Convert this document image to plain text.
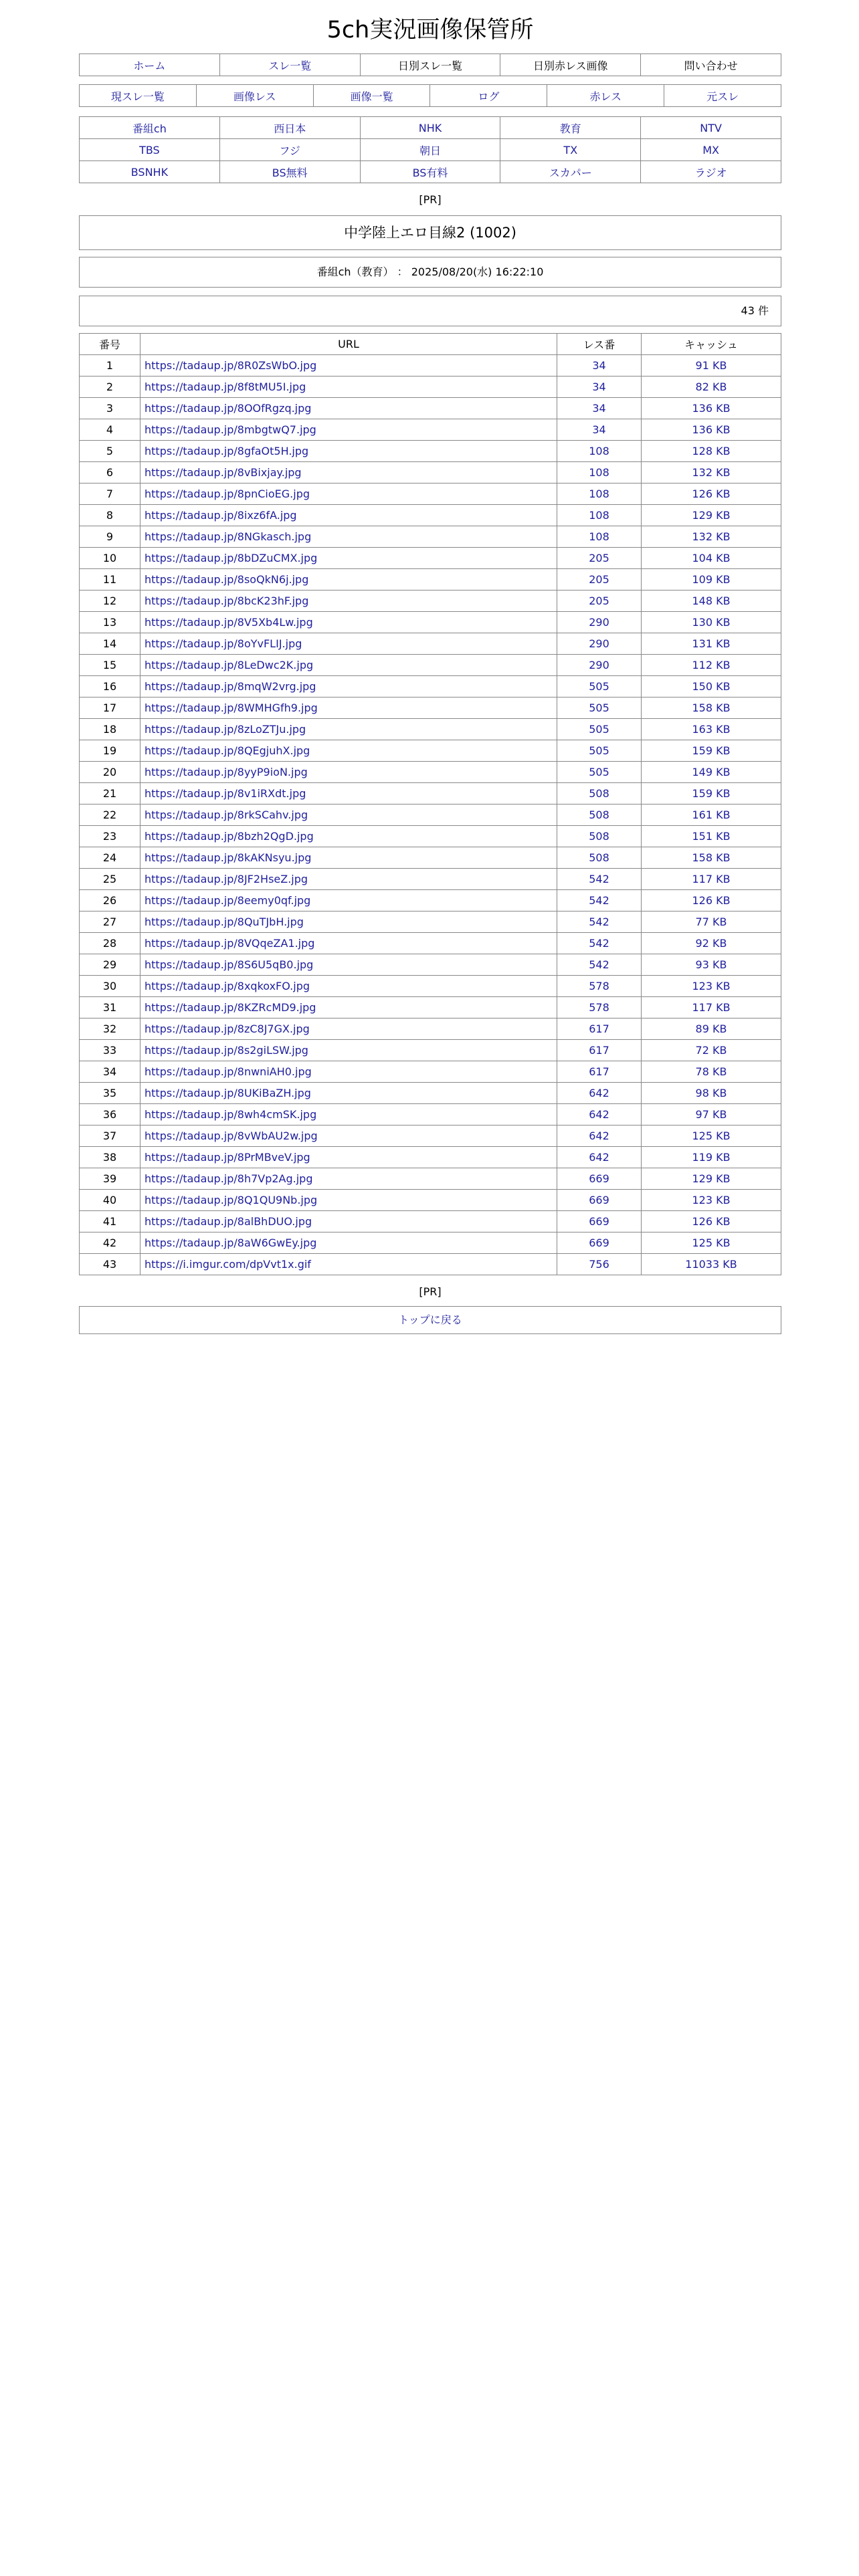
5ch実況画像保管所
ホーム	スレ一覧	日別スレ一覧	日別赤レス画像	問い合わせ
現スレ一覧	画像レス	画像一覧	ログ	赤レス	元スレ
番組ch	西日本	NHK	教育	NTV
TBS	フジ	朝日	TX	MX
BSNHK	BS無料	BS有料	スカパー	ラジオ
[PR]
中学陸上エロ目線2 (1002)
番組ch（教育） ： 2025/08/20(水) 16:22:10
43 件
番号	URL	レス番	キャッシュ
1	https://tadaup.jp/8R0ZsWbO.jpg	34	91 KB
2	https://tadaup.jp/8f8tMU5I.jpg	34	82 KB
3	https://tadaup.jp/8OOfRgzq.jpg	34	136 KB
4	https://tadaup.jp/8mbgtwQ7.jpg	34	136 KB
5	https://tadaup.jp/8gfaOt5H.jpg	108	128 KB
6	https://tadaup.jp/8vBixjay.jpg	108	132 KB
7	https://tadaup.jp/8pnCioEG.jpg	108	126 KB
8	https://tadaup.jp/8ixz6fA.jpg	108	129 KB
9	https://tadaup.jp/8NGkasch.jpg	108	132 KB
10	https://tadaup.jp/8bDZuCMX.jpg	205	104 KB
11	https://tadaup.jp/8soQkN6j.jpg	205	109 KB
12	https://tadaup.jp/8bcK23hF.jpg	205	148 KB
13	https://tadaup.jp/8V5Xb4Lw.jpg	290	130 KB
14	https://tadaup.jp/8oYvFLIJ.jpg	290	131 KB
15	https://tadaup.jp/8LeDwc2K.jpg	290	112 KB
16	https://tadaup.jp/8mqW2vrg.jpg	505	150 KB
17	https://tadaup.jp/8WMHGfh9.jpg	505	158 KB
18	https://tadaup.jp/8zLoZTJu.jpg	505	163 KB
19	https://tadaup.jp/8QEgjuhX.jpg	505	159 KB
20	https://tadaup.jp/8yyP9ioN.jpg	505	149 KB
21	https://tadaup.jp/8v1iRXdt.jpg	508	159 KB
22	https://tadaup.jp/8rkSCahv.jpg	508	161 KB
23	https://tadaup.jp/8bzh2QgD.jpg	508	151 KB
24	https://tadaup.jp/8kAKNsyu.jpg	508	158 KB
25	https://tadaup.jp/8JF2HseZ.jpg	542	117 KB
26	https://tadaup.jp/8eemy0qf.jpg	542	126 KB
27	https://tadaup.jp/8QuTJbH.jpg	542	77 KB
28	https://tadaup.jp/8VQqeZA1.jpg	542	92 KB
29	https://tadaup.jp/8S6U5qB0.jpg	542	93 KB
30	https://tadaup.jp/8xqkoxFO.jpg	578	123 KB
31	https://tadaup.jp/8KZRcMD9.jpg	578	117 KB
32	https://tadaup.jp/8zC8J7GX.jpg	617	89 KB
33	https://tadaup.jp/8s2giLSW.jpg	617	72 KB
34	https://tadaup.jp/8nwniAH0.jpg	617	78 KB
35	https://tadaup.jp/8UKiBaZH.jpg	642	98 KB
36	https://tadaup.jp/8wh4cmSK.jpg	642	97 KB
37	https://tadaup.jp/8vWbAU2w.jpg	642	125 KB
38	https://tadaup.jp/8PrMBveV.jpg	642	119 KB
39	https://tadaup.jp/8h7Vp2Ag.jpg	669	129 KB
40	https://tadaup.jp/8Q1QU9Nb.jpg	669	123 KB
41	https://tadaup.jp/8alBhDUO.jpg	669	126 KB
42	https://tadaup.jp/8aW6GwEy.jpg	669	125 KB
43	https://i.imgur.com/dpVvt1x.gif	756	11033 KB
[PR]
トップに戻る
